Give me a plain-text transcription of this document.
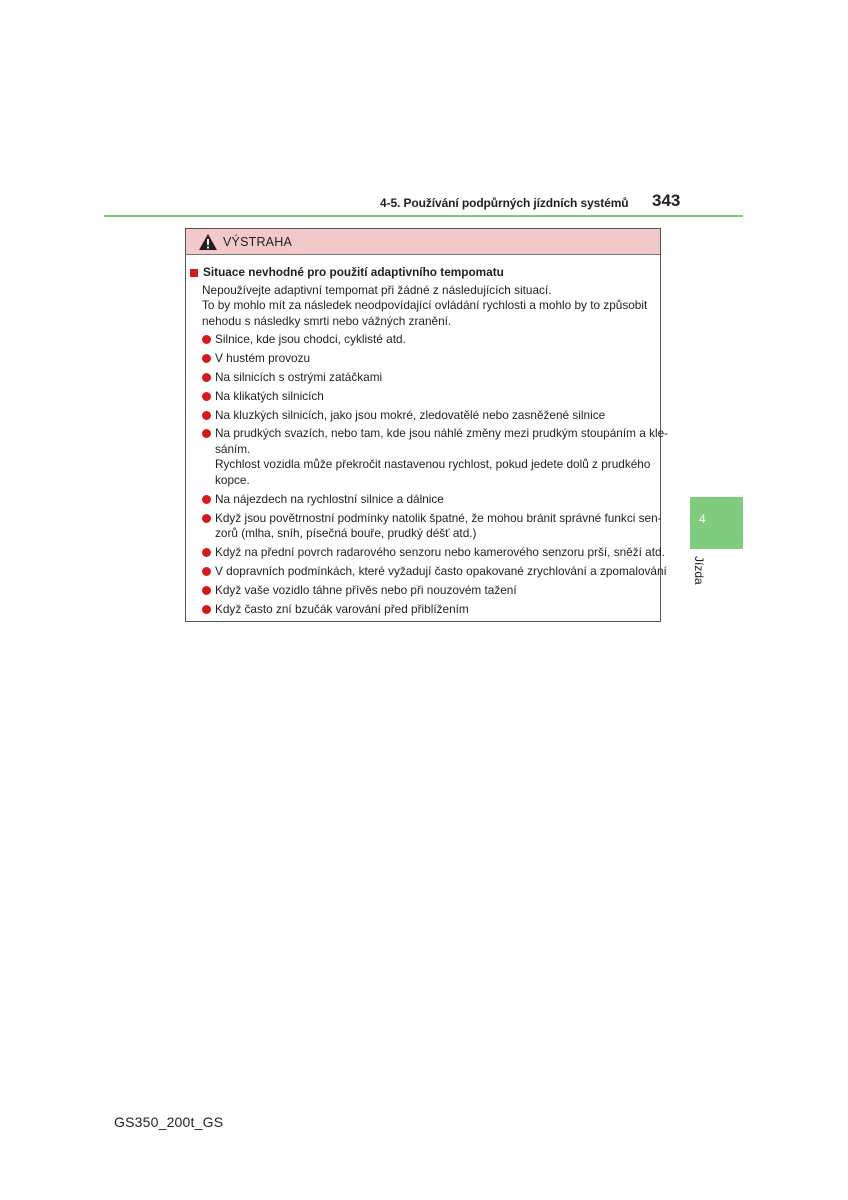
4-5. Používání podpůrných jízdních systémů 343
4
Jízda
VÝSTRAHA
Situace nevhodné pro použití adaptivního tempomatu
Nepoužívejte adaptivní tempomat při žádné z následujících situací.
To by mohlo mít za následek neodpovídající ovládání rychlosti a mohlo by to způsobit
nehodu s následky smrti nebo vážných zranění.
Silnice, kde jsou chodci, cyklisté atd.
V hustém provozu
Na silnicích s ostrými zatáčkami
Na klikatých silnicích
Na kluzkých silnicích, jako jsou mokré, zledovatělé nebo zasněžené silnice
Na prudkých svazích, nebo tam, kde jsou náhlé změny mezi prudkým stoupáním a kle-
sáním.
Rychlost vozidla může překročit nastavenou rychlost, pokud jedete dolů z prudkého
kopce.
Na nájezdech na rychlostní silnice a dálnice
Když jsou povětrnostní podmínky natolik špatné, že mohou bránit správné funkci sen-
zorů (mlha, sníh, písečná bouře, prudký déšť atd.)
Když na přední povrch radarového senzoru nebo kamerového senzoru prší, sněží atd.
V dopravních podmínkách, které vyžadují často opakované zrychlování a zpomalování
Když vaše vozidlo táhne přívěs nebo při nouzovém tažení
Když často zní bzučák varování před přiblížením
GS350_200t_GS
